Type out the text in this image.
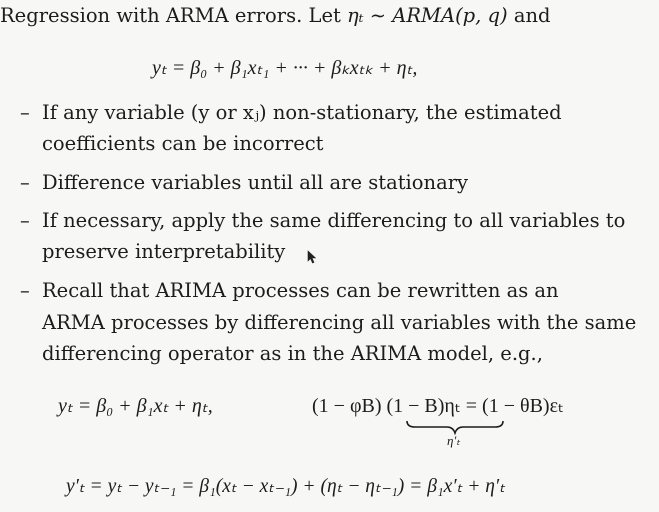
Regression with ARMA errors. Let ηₜ ∼ ARMA(p, q) and
yₜ = β₀ + β₁xₜ₁ + ··· + βₖxₜₖ + ηₜ,
– If any variable (y or xⱼ) non-stationary, the estimated
coefficients can be incorrect
– Difference variables until all are stationary
– If necessary, apply the same differencing to all variables to
preserve interpretability
– Recall that ARIMA processes can be rewritten as an
ARMA processes by differencing all variables with the same
differencing operator as in the ARIMA model, e.g.,
yₜ = β₀ + β₁xₜ + ηₜ,	(1 − φB) (1 − B)ηₜ = (1 − θB)εₜ
η′ₜ
y′ₜ = yₜ − yₜ₋₁ = β₁(xₜ − xₜ₋₁) + (ηₜ − ηₜ₋₁) = β₁x′ₜ + η′ₜ
